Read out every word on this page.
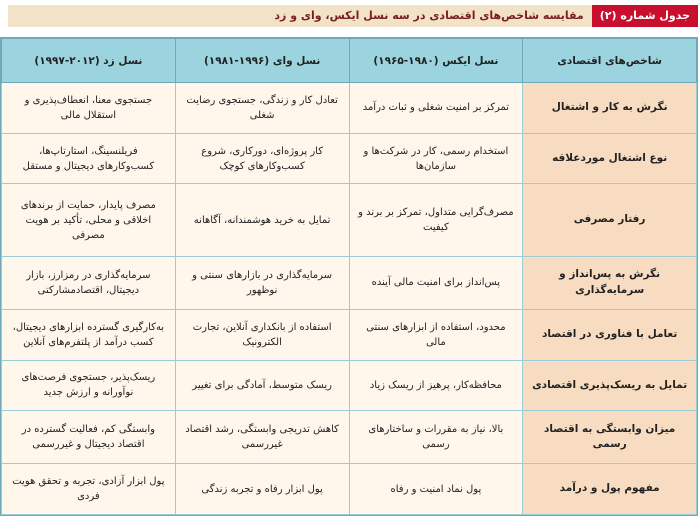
جدول شماره (۲)
مقایسه شاخص‌های اقتصادی در سه نسل ایکس، وای و زد
شاخص‌های اقتصادی	نسل ایکس (۱۹۸۰-۱۹۶۵)	نسل وای (۱۹۹۶-۱۹۸۱)	نسل زد (۲۰۱۲-۱۹۹۷)
نگرش به کار و اشتغال	تمرکز بر امنیت شغلی و ثبات درآمد	تعادل کار و زندگی، جستجوی رضایت شغلی	جستجوی معنا، انعطاف‌پذیری و استقلال مالی
نوع اشتغال موردعلاقه	استخدام رسمی، کار در شرکت‌ها و سازمان‌ها	کار پروژه‌ای، دورکاری، شروع کسب‌وکارهای کوچک	فریلنسینگ، استارتاپ‌ها، کسب‌وکارهای دیجیتال و مستقل
رفتار مصرفی	مصرف‌گرایی متداول، تمرکز بر برند و کیفیت	تمایل به خرید هوشمندانه، آگاهانه	مصرف پایدار، حمایت از برندهای اخلاقی و محلی، تأکید بر هویت مصرفی
نگرش به پس‌انداز و سرمایه‌گذاری	پس‌انداز برای امنیت مالی آینده	سرمایه‌گذاری در بازارهای سنتی و نوظهور	سرمایه‌گذاری در رمزارز، بازار دیجیتال، اقتصادمشارکتی
تعامل با فناوری در اقتصاد	محدود، استفاده از ابزارهای سنتی مالی	استفاده از بانکداری آنلاین، تجارت الکترونیک	به‌کارگیری گسترده ابزارهای دیجیتال، کسب درآمد از پلتفرم‌های آنلاین
تمایل به ریسک‌پذیری اقتصادی	محافظه‌کار، پرهیز از ریسک زیاد	ریسک متوسط، آمادگی برای تغییر	ریسک‌پذیر، جستجوی فرصت‌های نوآورانه و ارزش جدید
میزان وابستگی به اقتصاد رسمی	بالا، نیاز به مقررات و ساختارهای رسمی	کاهش تدریجی وابستگی، رشد اقتصاد غیررسمی	وابستگی کم، فعالیت گسترده در اقتصاد دیجیتال و غیررسمی
مفهوم پول و درآمد	پول نماد امنیت و رفاه	پول ابزار رفاه و تجربه زندگی	پول ابزار آزادی، تجربه و تحقق هویت فردی
